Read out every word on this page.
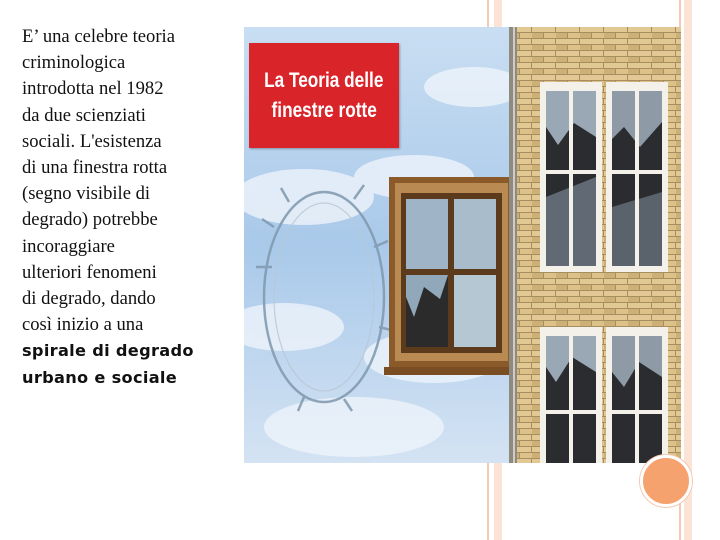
E’ una celebre teoria
criminologica
introdotta nel 1982
da due scienziati
sociali. L'esistenza
di una finestra rotta
(segno visibile di
degrado) potrebbe
incoraggiare
ulteriori fenomeni
di degrado, dando
così inizio a una
spirale di degrado
urbano e sociale
La Teoria delle
finestre rotte
